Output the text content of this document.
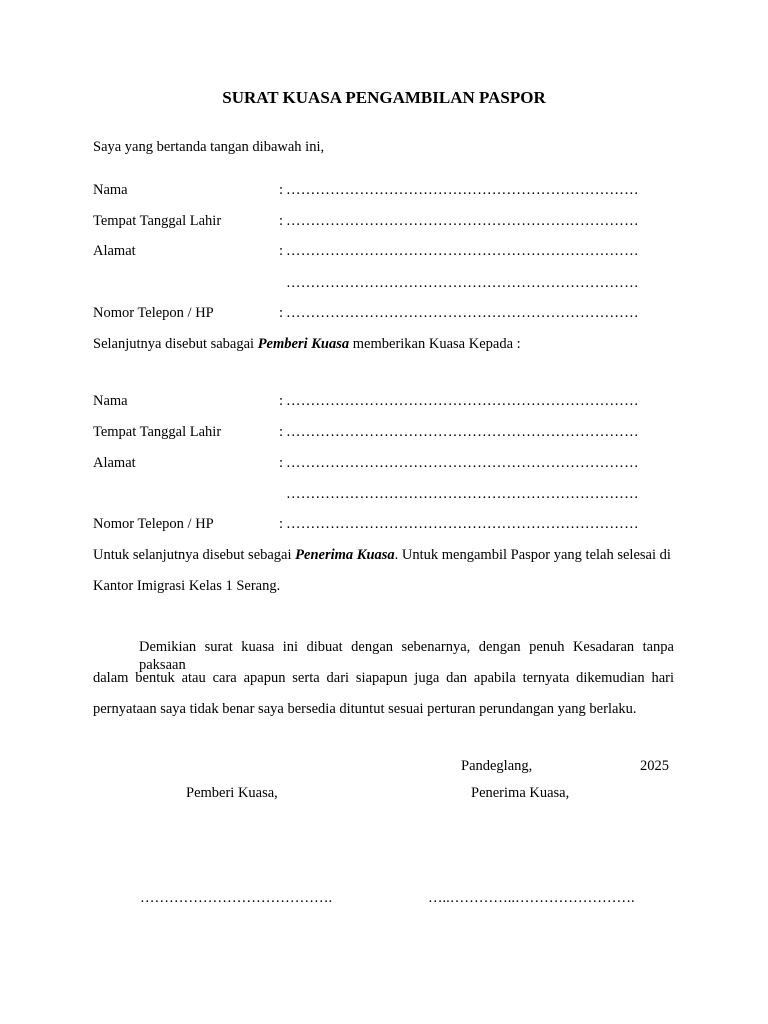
SURAT KUASA PENGAMBILAN PASPOR
Saya yang bertanda tangan dibawah ini,
Nama	: ………………………………………………………………
Tempat Tanggal Lahir	: ………………………………………………………………
Alamat	: ………………………………………………………………
………………………………………………………………
Nomor Telepon / HP	: ………………………………………………………………
Selanjutnya disebut sabagai Pemberi Kuasa memberikan Kuasa Kepada :
Nama	: ………………………………………………………………
Tempat Tanggal Lahir	: ………………………………………………………………
Alamat	: ………………………………………………………………
………………………………………………………………
Nomor Telepon / HP	: ………………………………………………………………
Untuk selanjutnya disebut sebagai Penerima Kuasa. Untuk mengambil Paspor yang telah selesai di
Kantor Imigrasi Kelas 1 Serang.
Demikian surat kuasa ini dibuat dengan sebenarnya, dengan penuh Kesadaran tanpa paksaan
dalam bentuk atau cara apapun serta dari siapapun juga dan apabila ternyata dikemudian hari
pernyataan saya tidak benar saya bersedia dituntut sesuai perturan perundangan yang berlaku.
Pandeglang,	2025
Pemberi Kuasa,	Penerima Kuasa,
………………………………….	…..…………..…………………….
